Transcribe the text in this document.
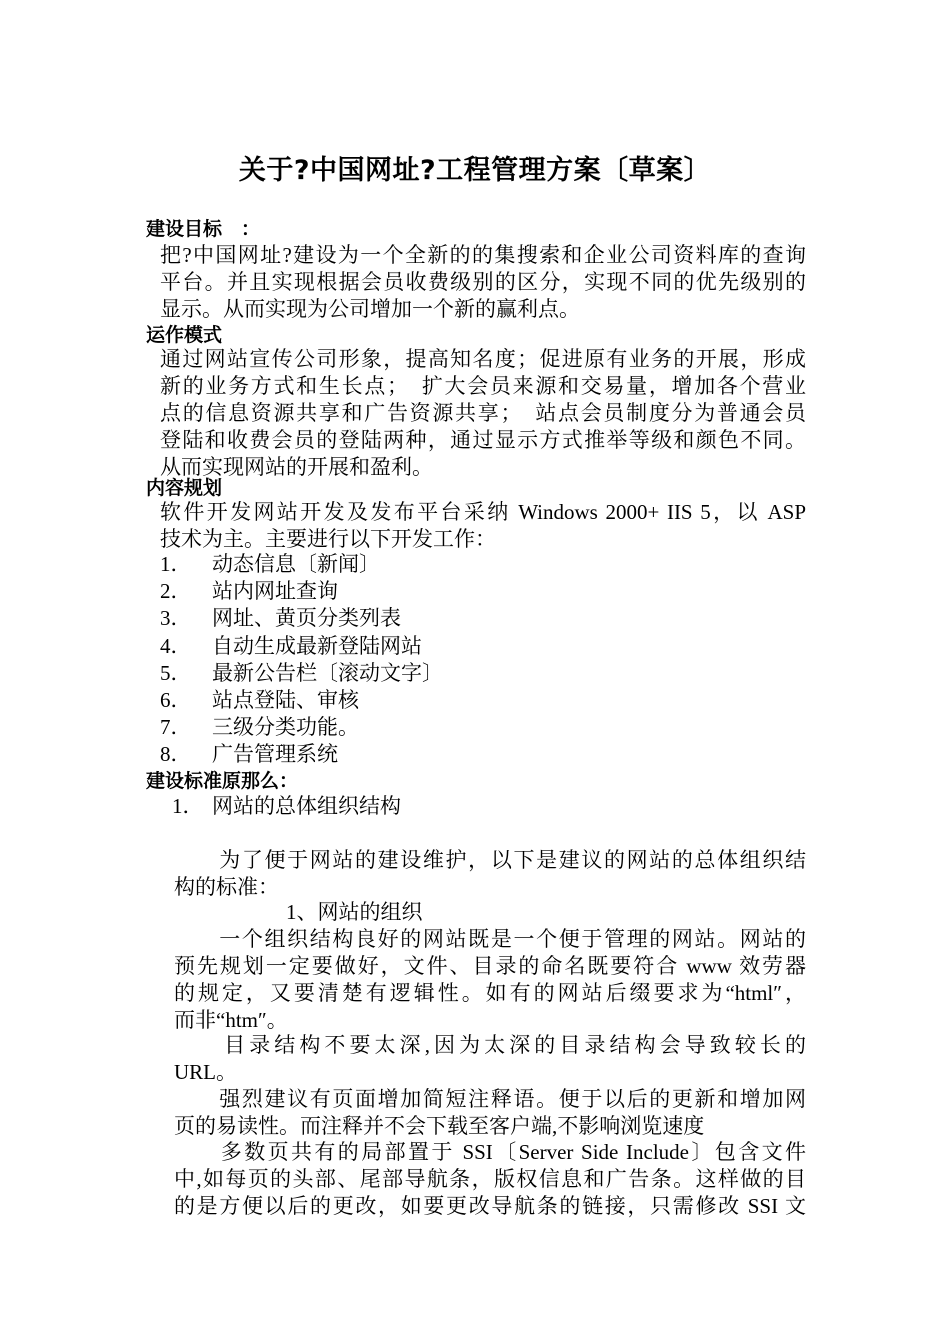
关于?中国网址?工程管理方案〔草案〕
建设目标　：
把?中国网址?建设为一个全新的的集搜索和企业公司资料库的查询
平台。并且实现根据会员收费级别的区分，实现不同的优先级别的
显示。从而实现为公司增加一个新的赢利点。
运作模式
通过网站宣传公司形象，提高知名度；促进原有业务的开展，形成
新的业务方式和生长点；　扩大会员来源和交易量，增加各个营业
点的信息资源共享和广告资源共享；　站点会员制度分为普通会员
登陆和收费会员的登陆两种，通过显示方式推举等级和颜色不同。
从而实现网站的开展和盈利。
内容规划
软件开发网站开发及发布平台采纳 Windows 2000+ IIS 5，以 ASP
技术为主。主要进行以下开发工作：
1． 动态信息〔新闻〕
2． 站内网址查询
3． 网址、黄页分类列表
4． 自动生成最新登陆网站
5． 最新公告栏〔滚动文字〕
6． 站点登陆、审核
7． 三级分类功能。
8． 广告管理系统
建设标准原那么：
1． 网站的总体组织结构
　　为了便于网站的建设维护，以下是建议的网站的总体组织结
构的标准：
1、网站的组织
　　一个组织结构良好的网站既是一个便于管理的网站。网站的
预先规划一定要做好，文件、目录的命名既要符合 www 效劳器
的规定，又要清楚有逻辑性。如有的网站后缀要求为“html″，
而非“htm″。
　　目录结构不要太深,因为太深的目录结构会导致较长的
URL。
　　强烈建议有页面增加简短注释语。便于以后的更新和增加网
页的易读性。而注释并不会下载至客户端,不影响浏览速度
　　多数页共有的局部置于 SSI〔Server Side Include〕包含文件
中,如每页的头部、尾部导航条，版权信息和广告条。这样做的目
的是方便以后的更改，如要更改导航条的链接，只需修改 SSI 文
